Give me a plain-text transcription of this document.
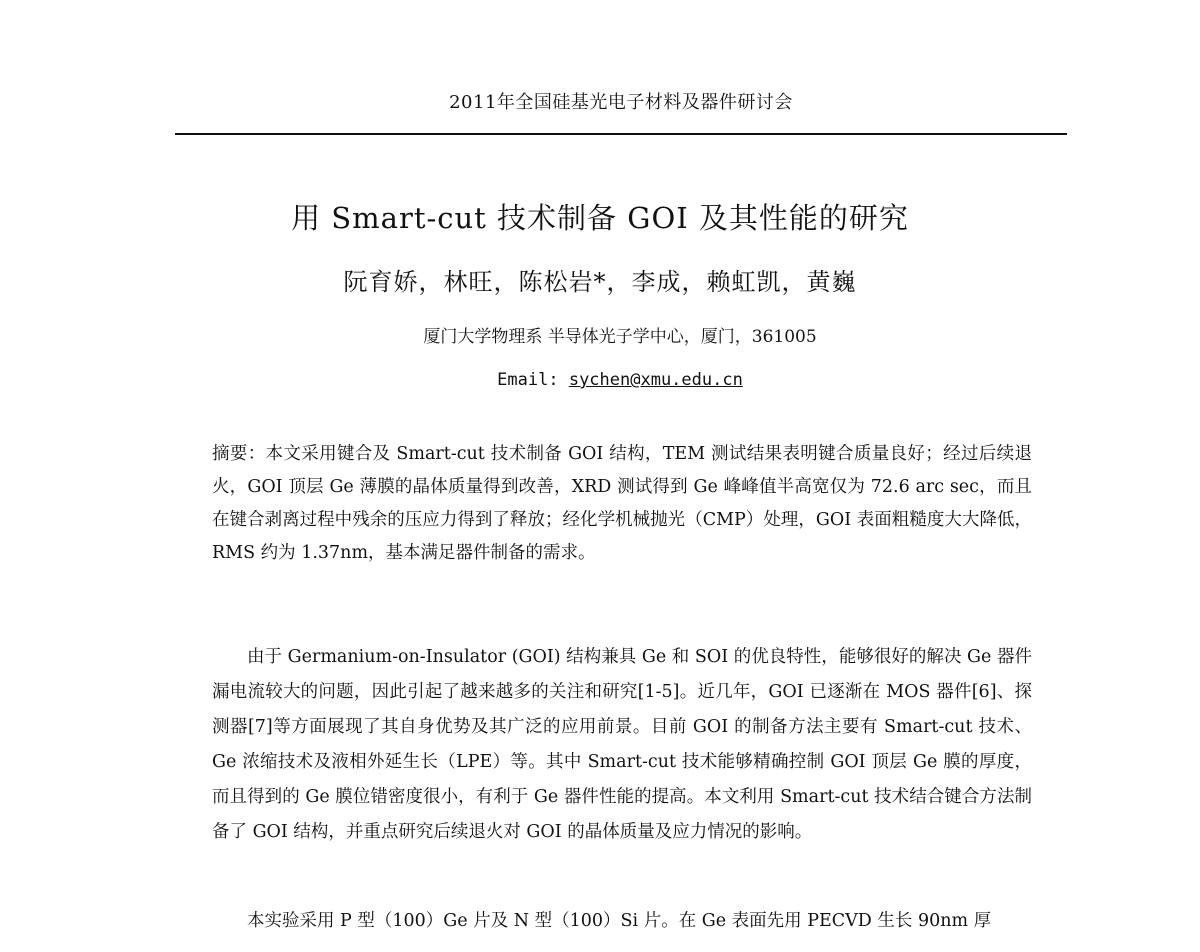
2011年全国硅基光电子材料及器件研讨会
用 Smart-cut 技术制备 GOI 及其性能的研究
阮育娇，林旺，陈松岩*，李成，赖虹凯，黄巍
厦门大学物理系 半导体光子学中心，厦门，361005
Email: sychen@xmu.edu.cn

摘要：本文采用键合及 Smart-cut 技术制备 GOI 结构，TEM 测试结果表明键合质量良好；经过后续退火，GOI 顶层 Ge 薄膜的晶体质量得到改善，XRD 测试得到 Ge 峰峰值半高宽仅为 72.6 arc sec，而且在键合剥离过程中残余的压应力得到了释放；经化学机械抛光（CMP）处理，GOI 表面粗糙度大大降低，RMS 约为 1.37nm，基本满足器件制备的需求。

由于 Germanium-on-Insulator (GOI) 结构兼具 Ge 和 SOI 的优良特性，能够很好的解决 Ge 器件漏电流较大的问题，因此引起了越来越多的关注和研究[1-5]。近几年，GOI 已逐渐在 MOS 器件[6]、探测器[7]等方面展现了其自身优势及其广泛的应用前景。目前 GOI 的制备方法主要有 Smart-cut 技术、Ge 浓缩技术及液相外延生长（LPE）等。其中 Smart-cut 技术能够精确控制 GOI 顶层 Ge 膜的厚度，而且得到的 Ge 膜位错密度很小，有利于 Ge 器件性能的提高。本文利用 Smart-cut 技术结合键合方法制备了 GOI 结构，并重点研究后续退火对 GOI 的晶体质量及应力情况的影响。

本实验采用 P 型（100）Ge 片及 N 型（100）Si 片。在 Ge 表面先用 PECVD 生长 90nm 厚
